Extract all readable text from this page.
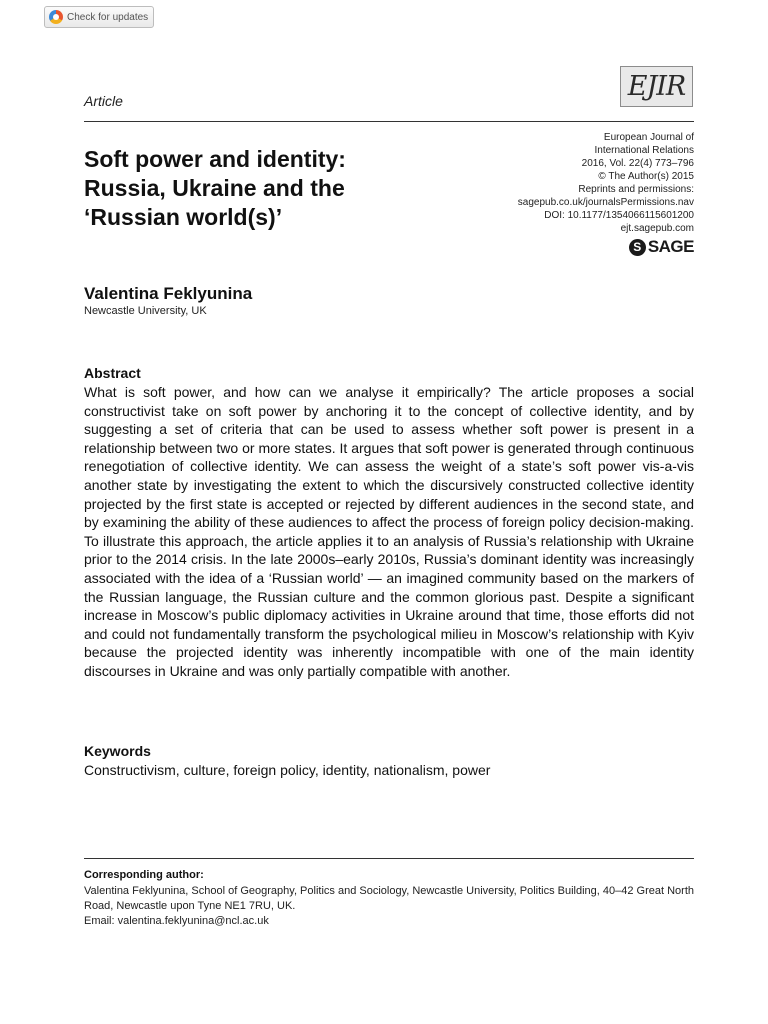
Check for updates
EJIR
Article
Soft power and identity: Russia, Ukraine and the ‘Russian world(s)’
European Journal of
International Relations
2016, Vol. 22(4) 773–796
© The Author(s) 2015
Reprints and permissions:
sagepub.co.uk/journalsPermissions.nav
DOI: 10.1177/1354066115601200
ejt.sagepub.com
S SAGE
Valentina Feklyunina
Newcastle University, UK
Abstract

What is soft power, and how can we analyse it empirically? The article proposes a social constructivist take on soft power by anchoring it to the concept of collective identity, and by suggesting a set of criteria that can be used to assess whether soft power is present in a relationship between two or more states. It argues that soft power is generated through continuous renegotiation of collective identity. We can assess the weight of a state’s soft power vis-a-vis another state by investigating the extent to which the discursively constructed collective identity projected by the first state is accepted or rejected by different audiences in the second state, and by examining the ability of these audiences to affect the process of foreign policy decision-making. To illustrate this approach, the article applies it to an analysis of Russia’s relationship with Ukraine prior to the 2014 crisis. In the late 2000s–early 2010s, Russia’s dominant identity was increasingly associated with the idea of a ‘Russian world’ — an imagined community based on the markers of the Russian language, the Russian culture and the common glorious past. Despite a significant increase in Moscow’s public diplomacy activities in Ukraine around that time, those efforts did not and could not fundamentally transform the psychological milieu in Moscow’s relationship with Kyiv because the projected identity was inherently incompatible with one of the main identity discourses in Ukraine and was only partially compatible with another.

Keywords
Constructivism, culture, foreign policy, identity, nationalism, power
Corresponding author:
Valentina Feklyunina, School of Geography, Politics and Sociology, Newcastle University, Politics Building, 40–42 Great North Road, Newcastle upon Tyne NE1 7RU, UK.
Email: valentina.feklyunina@ncl.ac.uk
